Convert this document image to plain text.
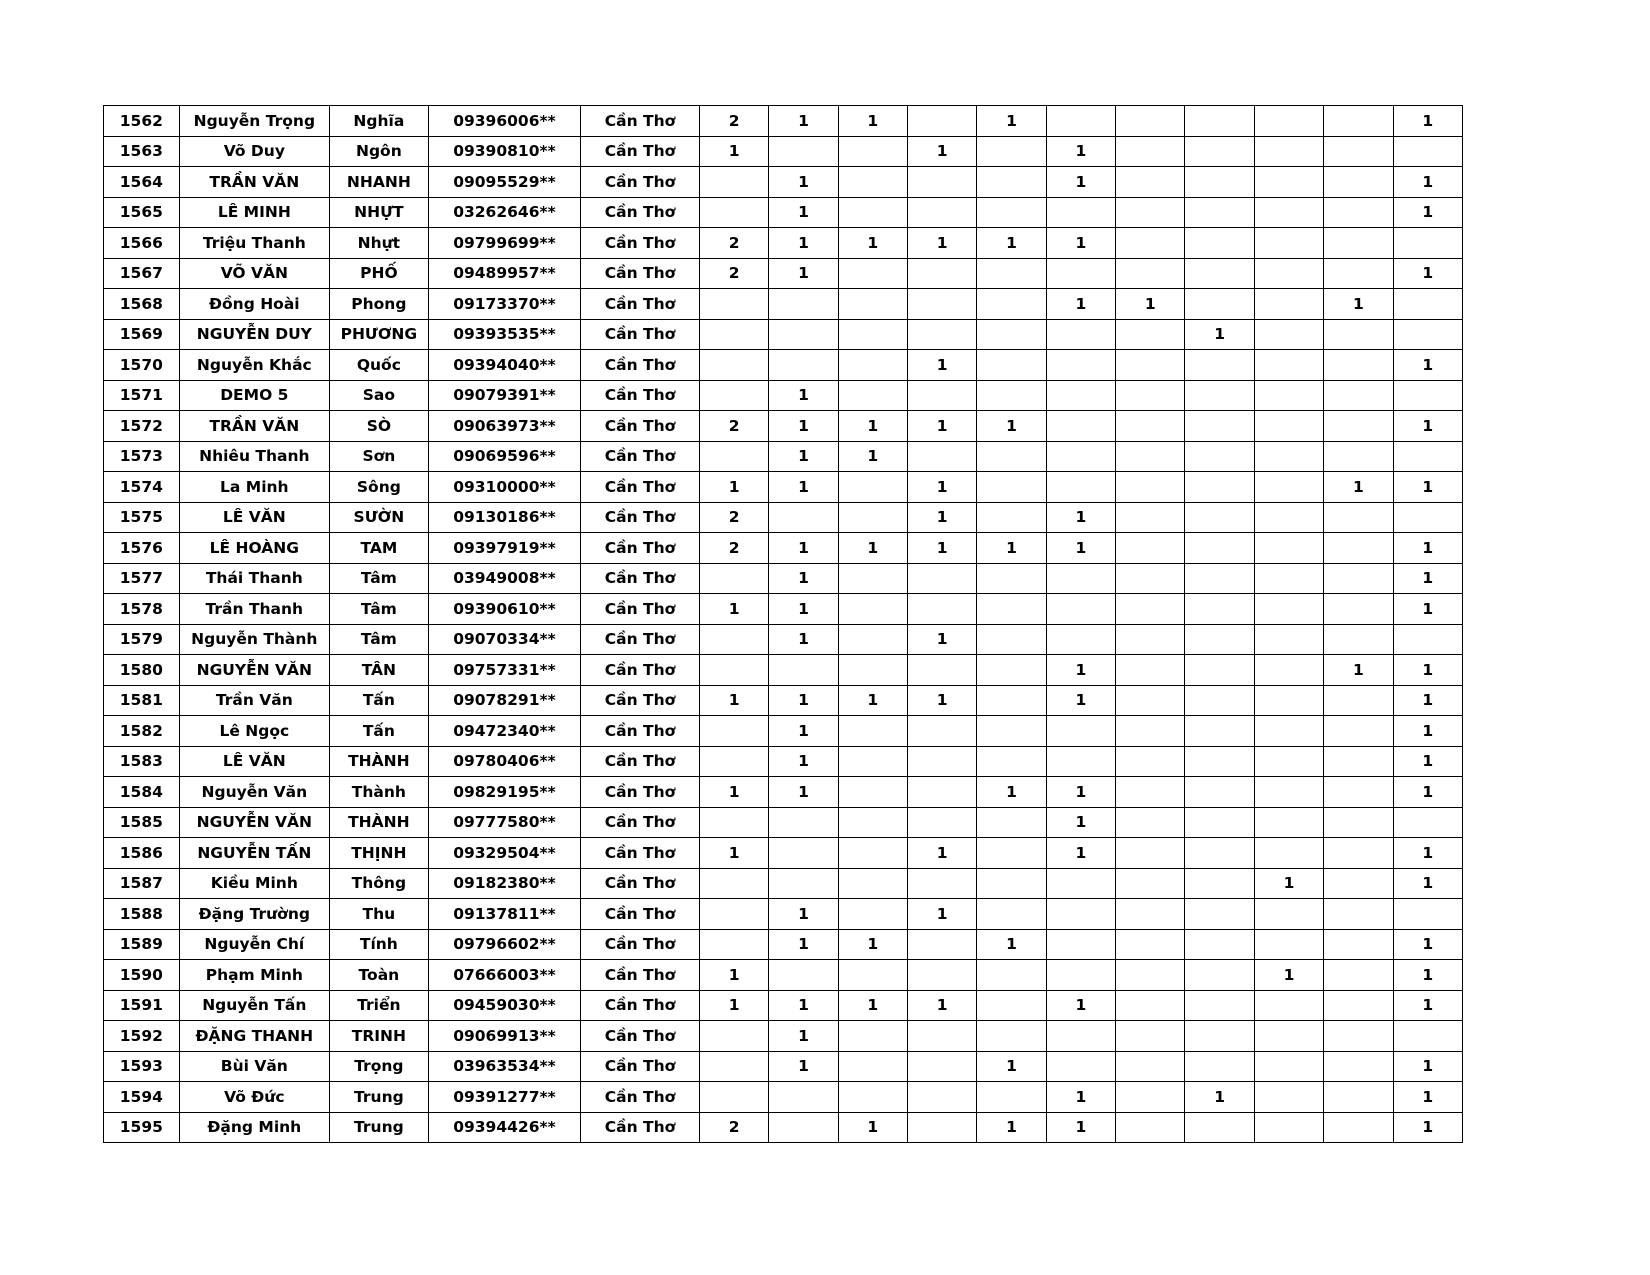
1562	Nguyễn Trọng	Nghĩa	09396006**	Cần Thơ	2	1	1		1						1
1563	Võ Duy	Ngôn	09390810**	Cần Thơ	1			1		1					
1564	TRẦN VĂN	NHANH	09095529**	Cần Thơ		1				1					1
1565	LÊ MINH	NHỰT	03262646**	Cần Thơ		1									1
1566	Triệu Thanh	Nhựt	09799699**	Cần Thơ	2	1	1	1	1	1					
1567	VÕ VĂN	PHỐ	09489957**	Cần Thơ	2	1									1
1568	Đồng Hoài	Phong	09173370**	Cần Thơ						1	1			1	
1569	NGUYỄN DUY	PHƯƠNG	09393535**	Cần Thơ								1			
1570	Nguyễn Khắc	Quốc	09394040**	Cần Thơ				1							1
1571	DEMO 5	Sao	09079391**	Cần Thơ		1									
1572	TRẦN VĂN	SÒ	09063973**	Cần Thơ	2	1	1	1	1						1
1573	Nhiêu Thanh	Sơn	09069596**	Cần Thơ		1	1								
1574	La Minh	Sông	09310000**	Cần Thơ	1	1		1						1	1
1575	LÊ VĂN	SƯỜN	09130186**	Cần Thơ	2			1		1					
1576	LÊ HOÀNG	TAM	09397919**	Cần Thơ	2	1	1	1	1	1					1
1577	Thái Thanh	Tâm	03949008**	Cần Thơ		1									1
1578	Trần Thanh	Tâm	09390610**	Cần Thơ	1	1									1
1579	Nguyễn Thành	Tâm	09070334**	Cần Thơ		1		1							
1580	NGUYỄN VĂN	TÂN	09757331**	Cần Thơ						1				1	1
1581	Trần Văn	Tấn	09078291**	Cần Thơ	1	1	1	1		1					1
1582	Lê Ngọc	Tấn	09472340**	Cần Thơ		1									1
1583	LÊ VĂN	THÀNH	09780406**	Cần Thơ		1									1
1584	Nguyễn Văn	Thành	09829195**	Cần Thơ	1	1			1	1					1
1585	NGUYỄN VĂN	THÀNH	09777580**	Cần Thơ						1					
1586	NGUYỄN TẤN	THỊNH	09329504**	Cần Thơ	1			1		1					1
1587	Kiều Minh	Thông	09182380**	Cần Thơ									1		1
1588	Đặng Trường	Thu	09137811**	Cần Thơ		1		1							
1589	Nguyễn Chí	Tính	09796602**	Cần Thơ		1	1		1						1
1590	Phạm Minh	Toàn	07666003**	Cần Thơ	1								1		1
1591	Nguyễn Tấn	Triển	09459030**	Cần Thơ	1	1	1	1		1					1
1592	ĐẶNG THANH	TRINH	09069913**	Cần Thơ		1									
1593	Bùi Văn	Trọng	03963534**	Cần Thơ		1			1						1
1594	Võ Đức	Trung	09391277**	Cần Thơ						1		1			1
1595	Đặng Minh	Trung	09394426**	Cần Thơ	2		1		1	1					1
